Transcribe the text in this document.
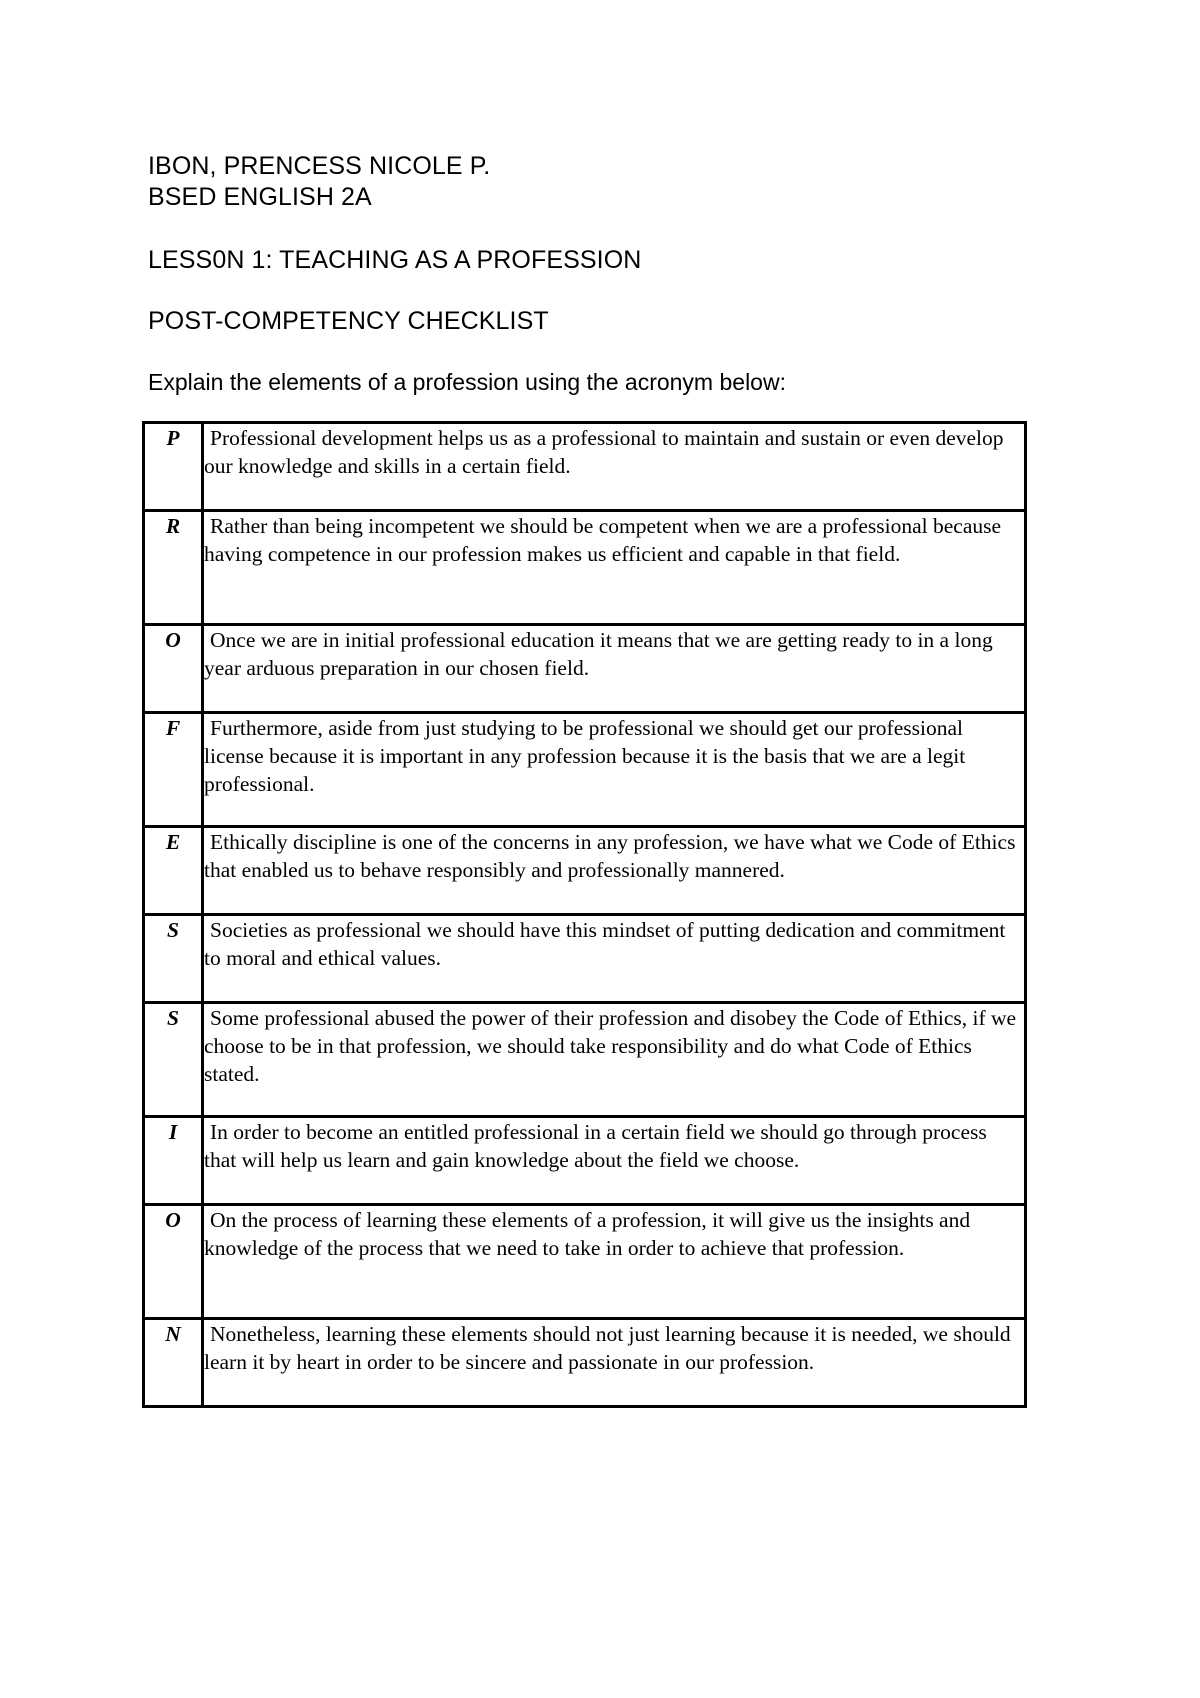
IBON, PRENCESS NICOLE P.
BSED ENGLISH 2A
LESS0N 1: TEACHING AS A PROFESSION
POST-COMPETENCY CHECKLIST
Explain the elements of a profession using the acronym below:
P	Professional development helps us as a professional to maintain and sustain or even develop our knowledge and skills in a certain field.

R	Rather than being incompetent we should be competent when we are a professional because having competence in our profession makes us efficient and capable in that field.

O	Once we are in initial professional education it means that we are getting ready to in a long year arduous preparation in our chosen field.

F	Furthermore, aside from just studying to be professional we should get our professional license because it is important in any profession because it is the basis that we are a legit professional.

E	Ethically discipline is one of the concerns in any profession, we have what we Code of Ethics that enabled us to behave responsibly and professionally mannered.

S	Societies as professional we should have this mindset of putting dedication and commitment to moral and ethical values.

S	Some professional abused the power of their profession and disobey the Code of Ethics, if we choose to be in that profession, we should take responsibility and do what Code of Ethics stated.

I	In order to become an entitled professional in a certain field we should go through process that will help us learn and gain knowledge about the field we choose.

O	On the process of learning these elements of a profession, it will give us the insights and knowledge of the process that we need to take in order to achieve that profession.

N	Nonetheless, learning these elements should not just learning because it is needed, we should learn it by heart in order to be sincere and passionate in our profession.
